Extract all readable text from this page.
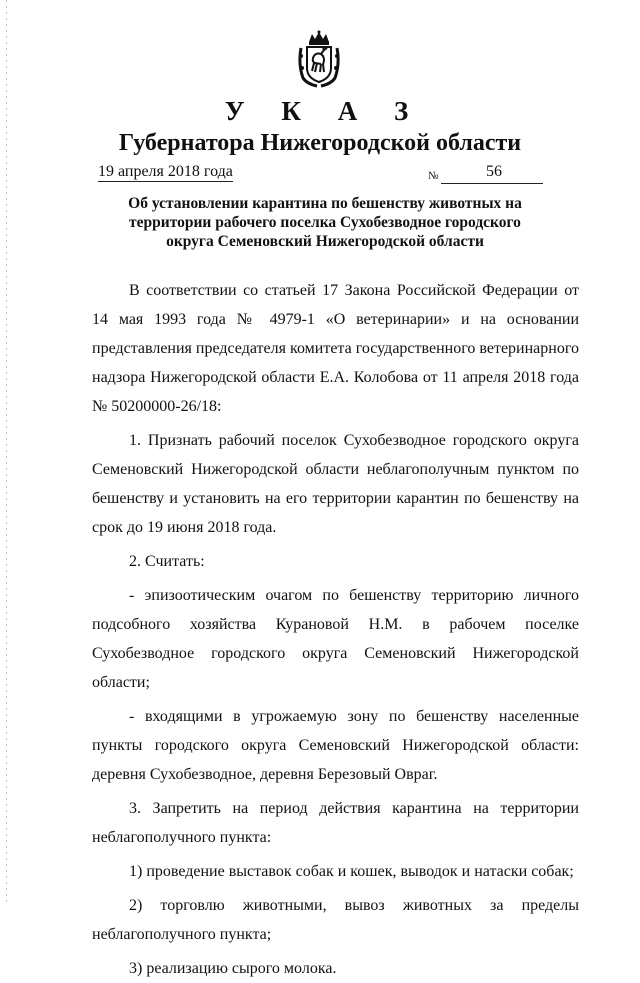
У К А З
Губернатора Нижегородской области
19 апреля 2018 года	№	56
Об установлении карантина по бешенству животных на
территории рабочего поселка Сухобезводное городского
округа Семеновский Нижегородской области

В соответствии со статьей 17 Закона Российской Федерации от 14 мая 1993 года № 4979-1 «О ветеринарии» и на основании представления председателя комитета государственного ветеринарного надзора Нижегородской области Е.А. Колобова от 11 апреля 2018 года № 50200000-26/18:

1. Признать рабочий поселок Сухобезводное городского округа Семеновский Нижегородской области неблагополучным пунктом по бешенству и установить на его территории карантин по бешенству на срок до 19 июня 2018 года.

2. Считать:

- эпизоотическим очагом по бешенству территорию личного подсобного хозяйства Курановой Н.М. в рабочем поселке Сухобезводное городского округа Семеновский Нижегородской области;

- входящими в угрожаемую зону по бешенству населенные пункты городского округа Семеновский Нижегородской области: деревня Сухобезводное, деревня Березовый Овраг.

3. Запретить на период действия карантина на территории неблагополучного пункта:

1) проведение выставок собак и кошек, выводок и натаски собак;

2) торговлю животными, вывоз животных за пределы неблагополучного пункта;

3) реализацию сырого молока.
